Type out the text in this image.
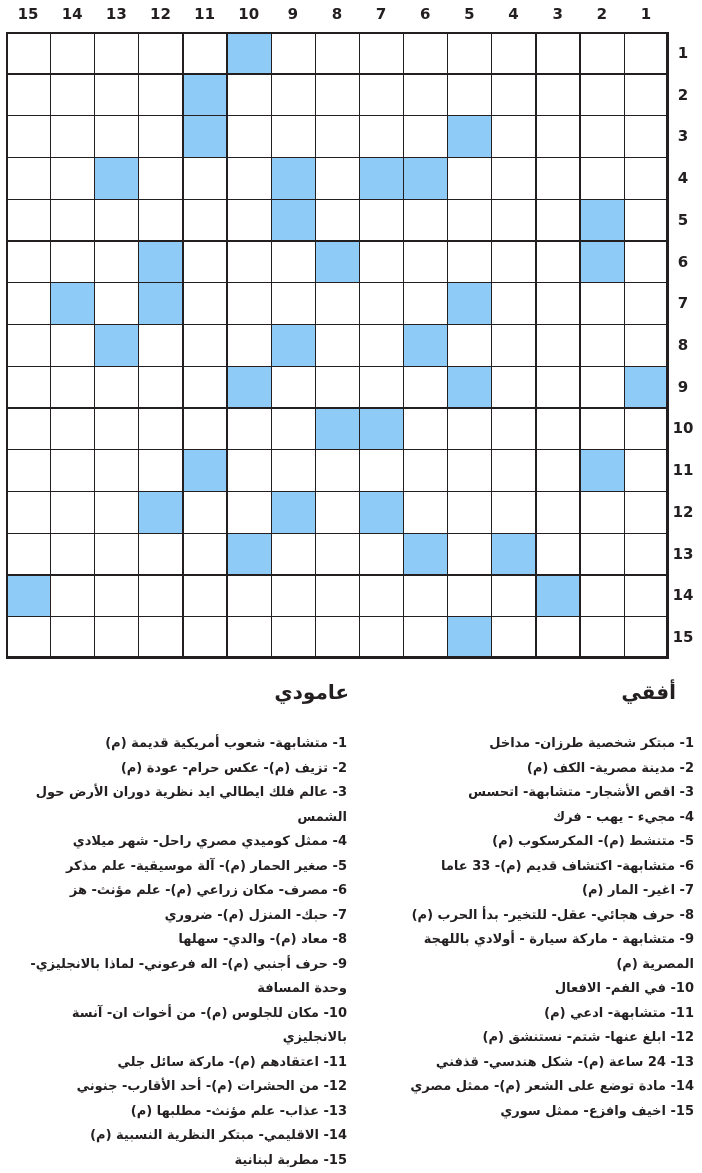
15	14	13	12	11	10	9	8	7	6	5	4	3	2	1
1
2
3
4
5
6
7
8
9
10
11
12
13
14
15
أفقي
عامودي
1- مبتكر شخصية طرزان- مداخل
2- مدينة مصرية- الكف (م)
3- اقص الأشجار- متشابهة- اتحسس
4- مجيء - يهب - فرك
5- متنشط (م)- المكرسكوب (م)
6- متشابهة- اكتشاف قديم (م)- 33 عاما
7- اغير- المار (م)
8- حرف هجائي- عقل- للتخير- بدأ الحرب (م)
9- متشابهة - ماركة سيارة - أولادي باللهجة المصرية (م)
10- في الفم- الافعال
11- متشابهة- ادعي (م)
12- ابلغ عنها- شتم- نستنشق (م)
13- 24 ساعة (م)- شكل هندسي- قذفني
14- مادة توضع على الشعر (م)- ممثل مصري
15- اخيف وافزع- ممثل سوري
1- متشابهة- شعوب أمريكية قديمة (م)
2- تزيف (م)- عكس حرام- عودة (م)
3- عالم فلك ايطالي ايد نظرية دوران الأرض حول الشمس
4- ممثل كوميدي مصري راحل- شهر ميلادي
5- صغير الحمار (م)- آلة موسيقية- علم مذكر
6- مصرف- مكان زراعي (م)- علم مؤنث- هز
7- حبك- المنزل (م)- ضروري
8- معاد (م)- والدي- سهلها
9- حرف أجنبي (م)- اله فرعوني- لماذا بالانجليزي- وحدة المسافة
10- مكان للجلوس (م)- من أخوات ان- آنسة بالانجليزي
11- اعتقادهم (م)- ماركة سائل جلي
12- من الحشرات (م)- أحد الأقارب- جنوني
13- عذاب- علم مؤنث- مطلبها (م)
14- الاقليمي- مبتكر النظرية النسبية (م)
15- مطربة لبنانية
